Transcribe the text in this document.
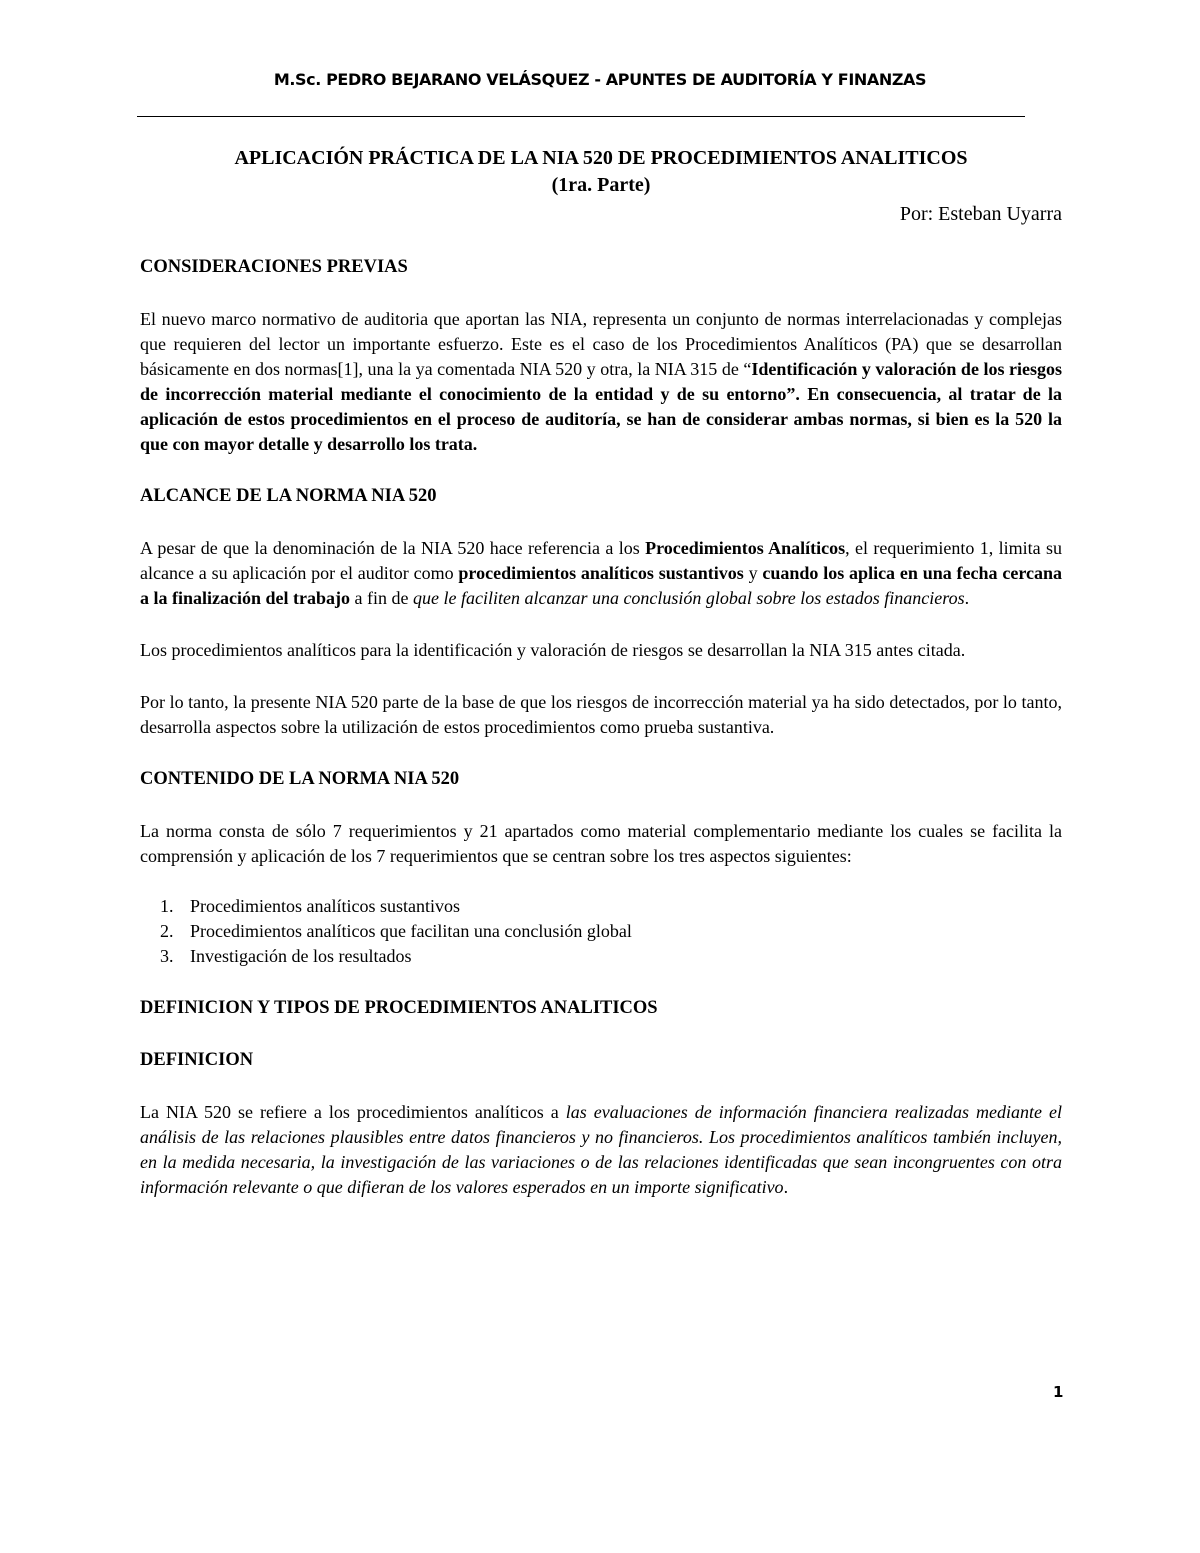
M.Sc. PEDRO BEJARANO VELÁSQUEZ - APUNTES DE AUDITORÍA Y FINANZAS
APLICACIÓN PRÁCTICA DE LA NIA 520 DE PROCEDIMIENTOS ANALITICOS
(1ra. Parte)
Por: Esteban Uyarra
CONSIDERACIONES PREVIAS

El nuevo marco normativo de auditoria que aportan las NIA, representa un conjunto de normas interrelacionadas y complejas que requieren del lector un importante esfuerzo. Este es el caso de los Procedimientos Analíticos (PA) que se desarrollan básicamente en dos normas[1], una la ya comentada NIA 520 y otra, la NIA 315 de “Identificación y valoración de los riesgos de incorrección material mediante el conocimiento de la entidad y de su entorno”. En consecuencia, al tratar de la aplicación de estos procedimientos en el proceso de auditoría, se han de considerar ambas normas, si bien es la 520 la que con mayor detalle y desarrollo los trata.

ALCANCE DE LA NORMA NIA 520

A pesar de que la denominación de la NIA 520 hace referencia a los Procedimientos Analíticos, el requerimiento 1, limita su alcance a su aplicación por el auditor como procedimientos analíticos sustantivos y cuando los aplica en una fecha cercana a la finalización del trabajo a fin de que le faciliten alcanzar una conclusión global sobre los estados financieros.

Los procedimientos analíticos para la identificación y valoración de riesgos se desarrollan la NIA 315 antes citada.

Por lo tanto, la presente NIA 520 parte de la base de que los riesgos de incorrección material ya ha sido detectados, por lo tanto, desarrolla aspectos sobre la utilización de estos procedimientos como prueba sustantiva.

CONTENIDO DE LA NORMA NIA 520

La norma consta de sólo 7 requerimientos y 21 apartados como material complementario mediante los cuales se facilita la comprensión y aplicación de los 7 requerimientos que se centran sobre los tres aspectos siguientes:

1. Procedimientos analíticos sustantivos
2. Procedimientos analíticos que facilitan una conclusión global
3. Investigación de los resultados
DEFINICION Y TIPOS DE PROCEDIMIENTOS ANALITICOS
DEFINICION

La NIA 520 se refiere a los procedimientos analíticos a las evaluaciones de información financiera realizadas mediante el análisis de las relaciones plausibles entre datos financieros y no financieros. Los procedimientos analíticos también incluyen, en la medida necesaria, la investigación de las variaciones o de las relaciones identificadas que sean incongruentes con otra información relevante o que difieran de los valores esperados en un importe significativo.

1
